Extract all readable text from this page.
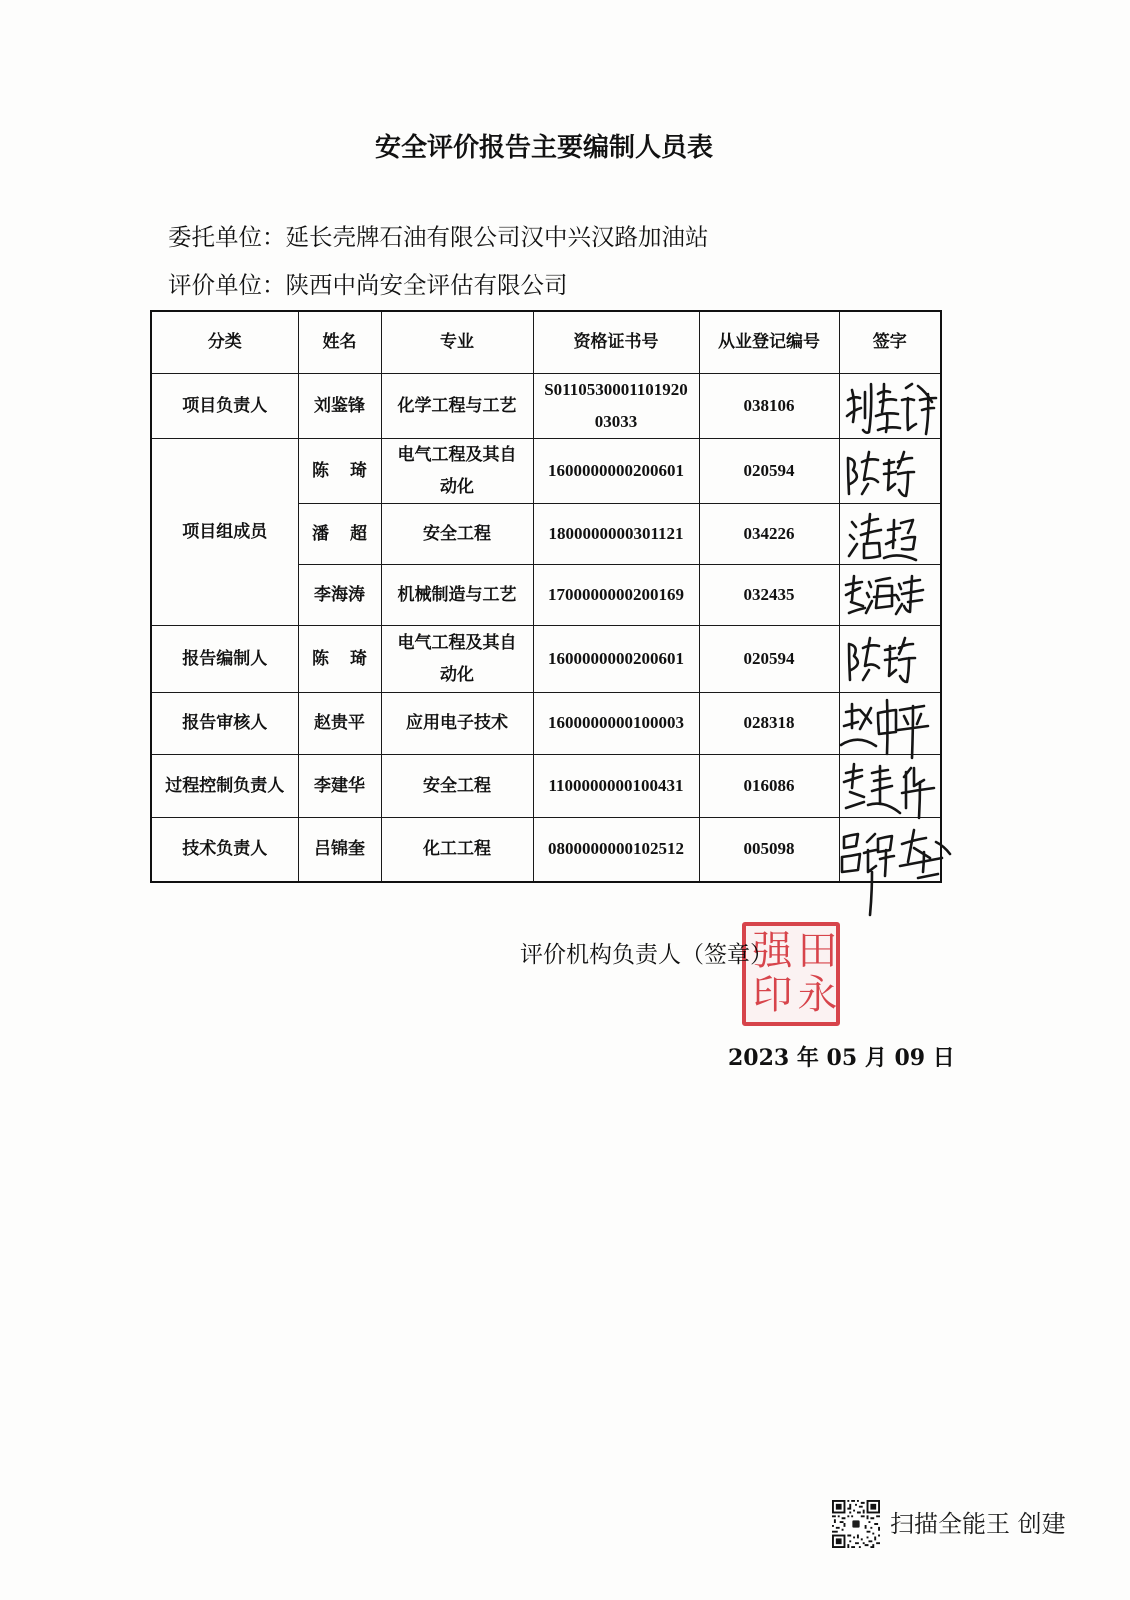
安全评价报告主要编制人员表
委托单位：延长壳牌石油有限公司汉中兴汉路加油站
评价单位：陕西中尚安全评估有限公司
分类	姓名	专业	资格证书号	从业登记编号	签字
项目负责人	刘鉴锋	化学工程与工艺	S011053000110192003033	038106	
项目组成员	陈 琦	电气工程及其自动化	1600000000200601	020594	
	潘 超	安全工程	1800000000301121	034226	
	李海涛	机械制造与工艺	1700000000200169	032435	
报告编制人	陈 琦	电气工程及其自动化	1600000000200601	020594	
报告审核人	赵贵平	应用电子技术	1600000000100003	028318	
过程控制负责人	李建华	安全工程	1100000000100431	016086	
技术负责人	吕锦奎	化工工程	0800000000102512	005098	
评价机构负责人（签章） 田永强印
2023 年 05 月 09 日
扫描全能王 创建
